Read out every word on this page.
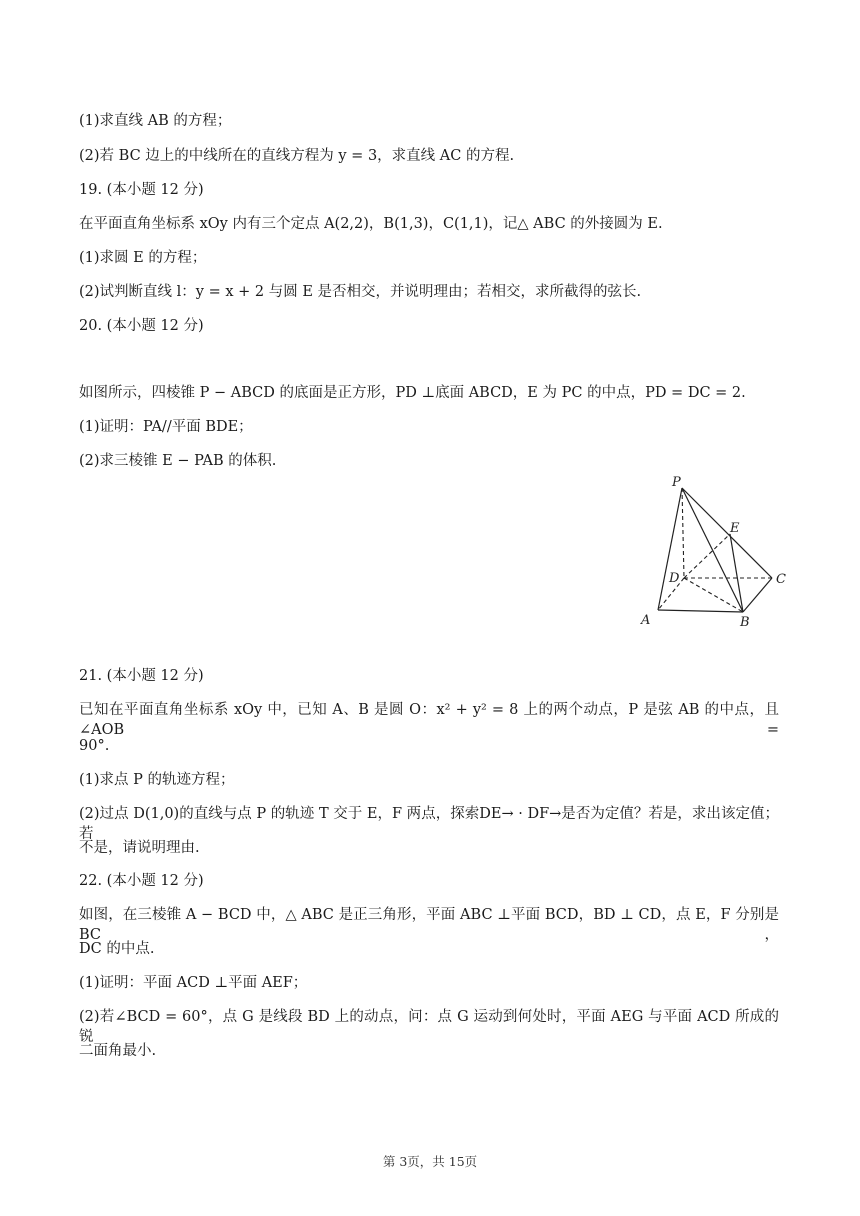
(1)求直线 AB 的方程；
(2)若 BC 边上的中线所在的直线方程为 y = 3，求直线 AC 的方程.
19. (本小题 12 分)
在平面直角坐标系 xOy 内有三个定点 A(2,2)，B(1,3)，C(1,1)，记△ ABC 的外接圆为 E.
(1)求圆 E 的方程；
(2)试判断直线 l：y = x + 2 与圆 E 是否相交，并说明理由；若相交，求所截得的弦长.
20. (本小题 12 分)
如图所示，四棱锥 P − ABCD 的底面是正方形，PD ⊥底面 ABCD，E 为 PC 的中点，PD = DC = 2.
(1)证明：PA//平面 BDE；
(2)求三棱锥 E − PAB 的体积.
P
E
D	C
A	B
21. (本小题 12 分)
已知在平面直角坐标系 xOy 中，已知 A、B 是圆 O：x² + y² = 8 上的两个动点，P 是弦 AB 的中点，且∠AOB =
90°.
(1)求点 P 的轨迹方程；
(2)过点 D(1,0)的直线与点 P 的轨迹 T 交于 E，F 两点，探索DE→ · DF→是否为定值？若是，求出该定值；若
不是，请说明理由.
22. (本小题 12 分)
如图，在三棱锥 A − BCD 中，△ ABC 是正三角形，平面 ABC ⊥平面 BCD，BD ⊥ CD，点 E，F 分别是 BC，
DC 的中点.
(1)证明：平面 ACD ⊥平面 AEF；
(2)若∠BCD = 60°，点 G 是线段 BD 上的动点，问：点 G 运动到何处时，平面 AEG 与平面 ACD 所成的锐
二面角最小.
第 3页，共 15页
